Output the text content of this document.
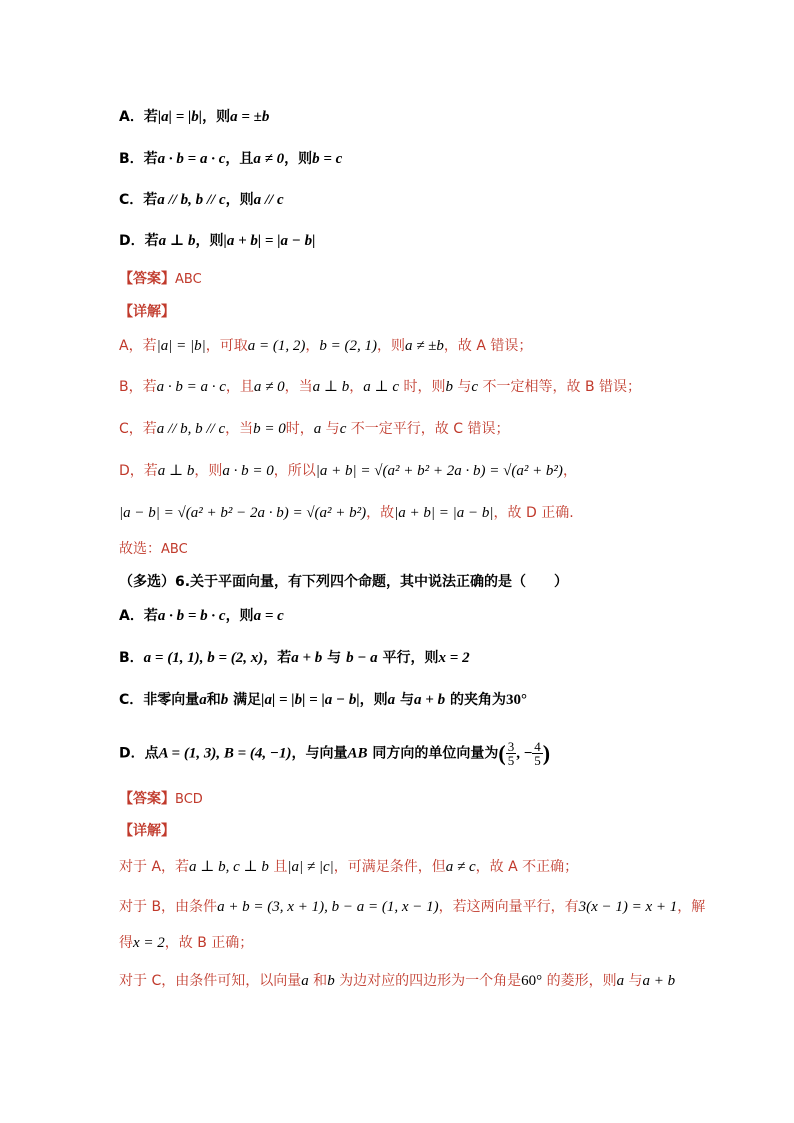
A．若|a| = |b|，则a = ±b
B．若a · b = a · c，且a ≠ 0，则b = c
C．若a // b, b // c，则a // c
D．若a ⊥ b，则|a + b| = |a − b|
【答案】ABC
【详解】
A，若|a| = |b|，可取a = (1, 2)，b = (2, 1)，则a ≠ ±b，故 A 错误；
B，若a · b = a · c，且a ≠ 0，当a ⊥ b，a ⊥ c 时，则b 与c 不一定相等，故 B 错误；
C，若a // b, b // c，当b = 0时，a 与c 不一定平行，故 C 错误；
D，若a ⊥ b，则a · b = 0，所以|a + b| = √(a² + b² + 2a · b) = √(a² + b²)，
|a − b| = √(a² + b² − 2a · b) = √(a² + b²)，故|a + b| = |a − b|，故 D 正确.
故选：ABC
（多选）6.关于平面向量，有下列四个命题，其中说法正确的是（　　）
A．若a · b = b · c，则a = c
B．a = (1, 1), b = (2, x)，若a + b 与 b − a 平行，则x = 2
C．非零向量a和b 满足|a| = |b| = |a − b|，则a 与a + b 的夹角为30°
D．点A = (1, 3), B = (4, −1)，与向量AB 同方向的单位向量为( $\frac{3}{5}$ , − $\frac{4}{5}$ )
【答案】BCD
【详解】
对于 A，若a ⊥ b, c ⊥ b 且|a| ≠ |c|，可满足条件，但a ≠ c，故 A 不正确；
对于 B，由条件a + b = (3, x + 1), b − a = (1, x − 1)，若这两向量平行，有3(x − 1) = x + 1，解
得x = 2，故 B 正确；
对于 C，由条件可知，以向量a 和b 为边对应的四边形为一个角是60° 的菱形，则a 与a + b
